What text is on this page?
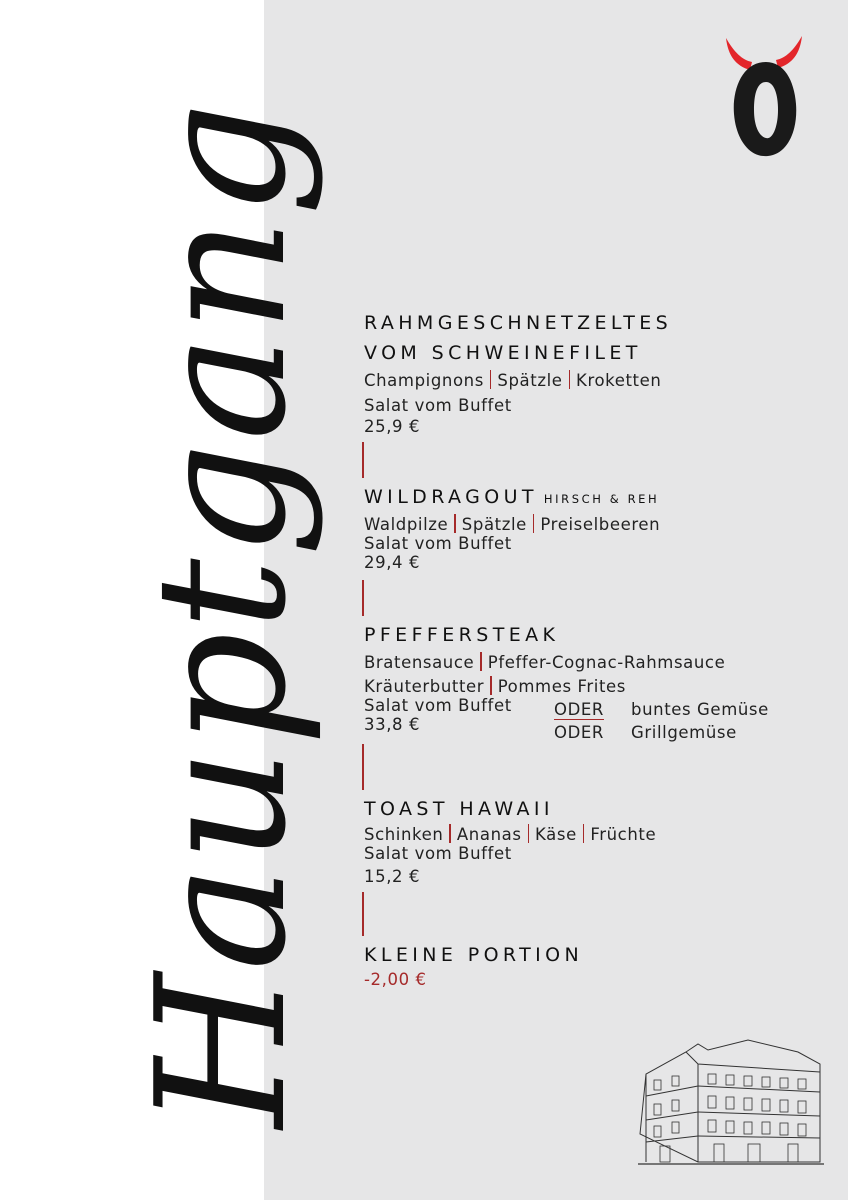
Hauptgang RAHMGESCHNETZELTES
VOM SCHWEINEFILET
Champignons Spätzle Kroketten
Salat vom Buffet
25,9 €
WILDRAGOUT HIRSCH & REH
Waldpilze Spätzle Preiselbeeren
Salat vom Buffet
29,4 €
PFEFFERSTEAK
Bratensauce Pfeffer-Cognac-Rahmsauce
Kräuterbutter Pommes Frites
Salat vom Buffet
33,8 €
ODER buntes Gemüse
ODER Grillgemüse
TOAST HAWAII
Schinken Ananas Käse Früchte
Salat vom Buffet
15,2 €
KLEINE PORTION
-2,00 €
